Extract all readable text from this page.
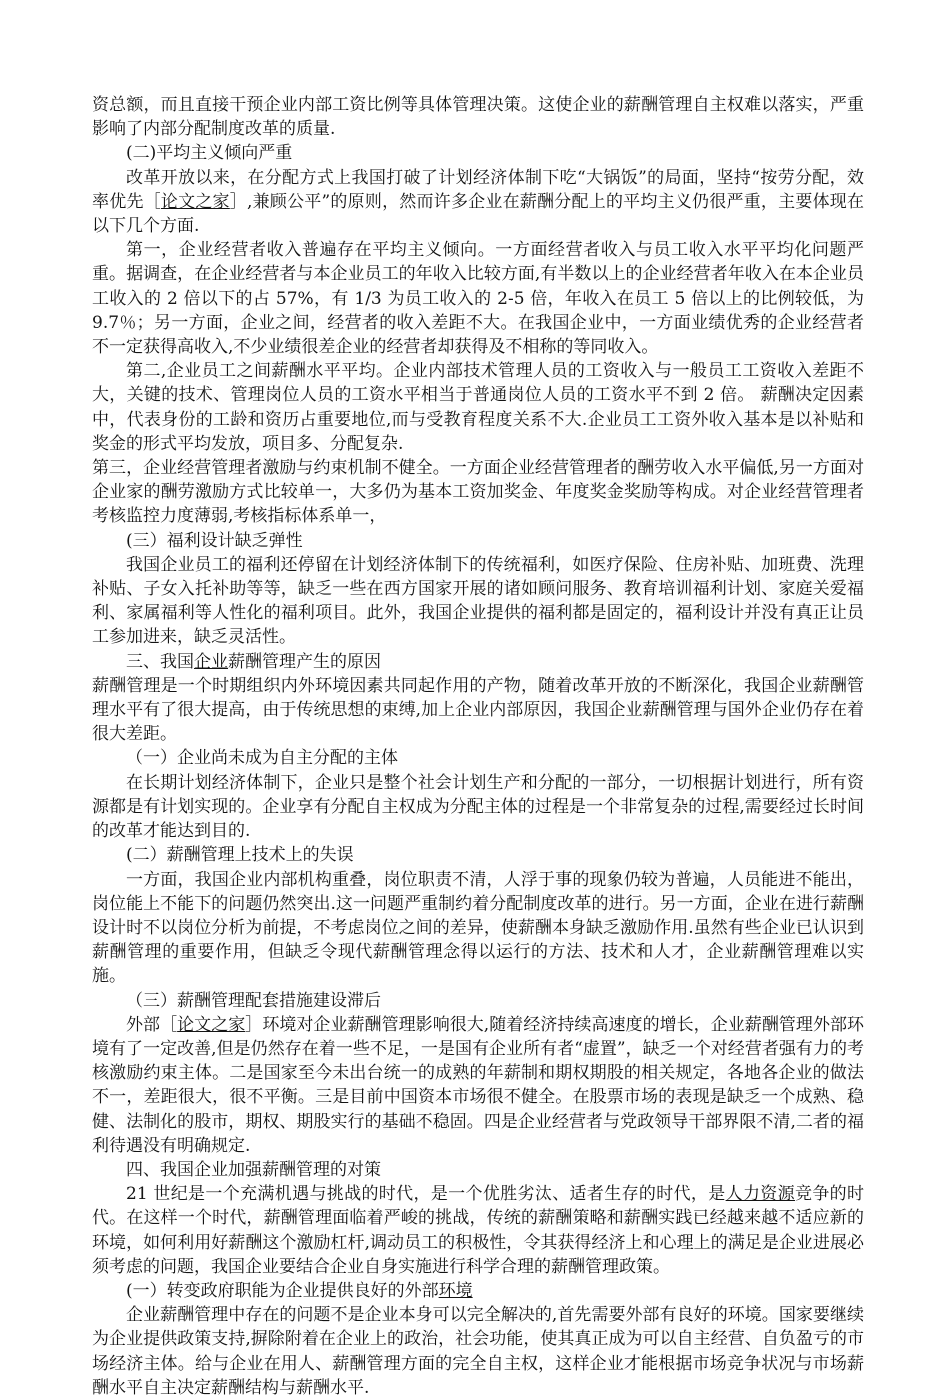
资总额，而且直接干预企业内部工资比例等具体管理决策。这使企业的薪酬管理自主权难以落实，严重影响了内部分配制度改革的质量.

(二)平均主义倾向严重

改革开放以来，在分配方式上我国打破了计划经济体制下吃“大锅饭”的局面，坚持“按劳分配，效率优先［论文之家］,兼顾公平”的原则，然而许多企业在薪酬分配上的平均主义仍很严重，主要体现在以下几个方面.

第一，企业经营者收入普遍存在平均主义倾向。一方面经营者收入与员工收入水平平均化问题严重。据调查，在企业经营者与本企业员工的年收入比较方面,有半数以上的企业经营者年收入在本企业员工收入的 2 倍以下的占 57%，有 1/3 为员工收入的 2-5 倍，年收入在员工 5 倍以上的比例较低，为 9.7％；另一方面，企业之间，经营者的收入差距不大。在我国企业中，一方面业绩优秀的企业经营者不一定获得高收入,不少业绩很差企业的经营者却获得及不相称的等同收入。

第二,企业员工之间薪酬水平平均。企业内部技术管理人员的工资收入与一般员工工资收入差距不大，关键的技术、管理岗位人员的工资水平相当于普通岗位人员的工资水平不到 2 倍。 薪酬决定因素中，代表身份的工龄和资历占重要地位,而与受教育程度关系不大.企业员工工资外收入基本是以补贴和奖金的形式平均发放，项目多、分配复杂.

第三，企业经营管理者激励与约束机制不健全。一方面企业经营管理者的酬劳收入水平偏低,另一方面对企业家的酬劳激励方式比较单一，大多仍为基本工资加奖金、年度奖金奖励等构成。对企业经营管理者考核监控力度薄弱,考核指标体系单一，

(三）福利设计缺乏弹性

我国企业员工的福利还停留在计划经济体制下的传统福利，如医疗保险、住房补贴、加班费、洗理补贴、子女入托补助等等，缺乏一些在西方国家开展的诸如顾问服务、教育培训福利计划、家庭关爱福利、家属福利等人性化的福利项目。此外，我国企业提供的福利都是固定的，福利设计并没有真正让员工参加进来，缺乏灵活性。

三、我国企业薪酬管理产生的原因

薪酬管理是一个时期组织内外环境因素共同起作用的产物，随着改革开放的不断深化，我国企业薪酬管理水平有了很大提高，由于传统思想的束缚,加上企业内部原因，我国企业薪酬管理与国外企业仍存在着很大差距。

（一）企业尚未成为自主分配的主体

在长期计划经济体制下，企业只是整个社会计划生产和分配的一部分，一切根据计划进行，所有资源都是有计划实现的。企业享有分配自主权成为分配主体的过程是一个非常复杂的过程,需要经过长时间的改革才能达到目的.

(二）薪酬管理上技术上的失误

一方面，我国企业内部机构重叠，岗位职责不清，人浮于事的现象仍较为普遍，人员能进不能出，岗位能上不能下的问题仍然突出.这一问题严重制约着分配制度改革的进行。另一方面，企业在进行薪酬设计时不以岗位分析为前提，不考虑岗位之间的差异，使薪酬本身缺乏激励作用.虽然有些企业已认识到薪酬管理的重要作用，但缺乏令现代薪酬管理念得以运行的方法、技术和人才，企业薪酬管理难以实施。

（三）薪酬管理配套措施建设滞后

外部［论文之家］环境对企业薪酬管理影响很大,随着经济持续高速度的增长，企业薪酬管理外部环境有了一定改善,但是仍然存在着一些不足，一是国有企业所有者“虚置”，缺乏一个对经营者强有力的考核激励约束主体。二是国家至今未出台统一的成熟的年薪制和期权期股的相关规定，各地各企业的做法不一，差距很大，很不平衡。三是目前中国资本市场很不健全。在股票市场的表现是缺乏一个成熟、稳健、法制化的股市，期权、期股实行的基础不稳固。四是企业经营者与党政领导干部界限不清,二者的福利待遇没有明确规定.

四、我国企业加强薪酬管理的对策

21 世纪是一个充满机遇与挑战的时代，是一个优胜劣汰、适者生存的时代，是人力资源竞争的时代。在这样一个时代，薪酬管理面临着严峻的挑战，传统的薪酬策略和薪酬实践已经越来越不适应新的环境，如何利用好薪酬这个激励杠杆,调动员工的积极性，令其获得经济上和心理上的满足是企业进展必须考虑的问题，我国企业要结合企业自身实施进行科学合理的薪酬管理政策。

(一）转变政府职能为企业提供良好的外部环境

企业薪酬管理中存在的问题不是企业本身可以完全解决的,首先需要外部有良好的环境。国家要继续为企业提供政策支持,摒除附着在企业上的政治，社会功能，使其真正成为可以自主经营、自负盈亏的市场经济主体。给与企业在用人、薪酬管理方面的完全自主权，这样企业才能根据市场竞争状况与市场薪酬水平自主决定薪酬结构与薪酬水平.
